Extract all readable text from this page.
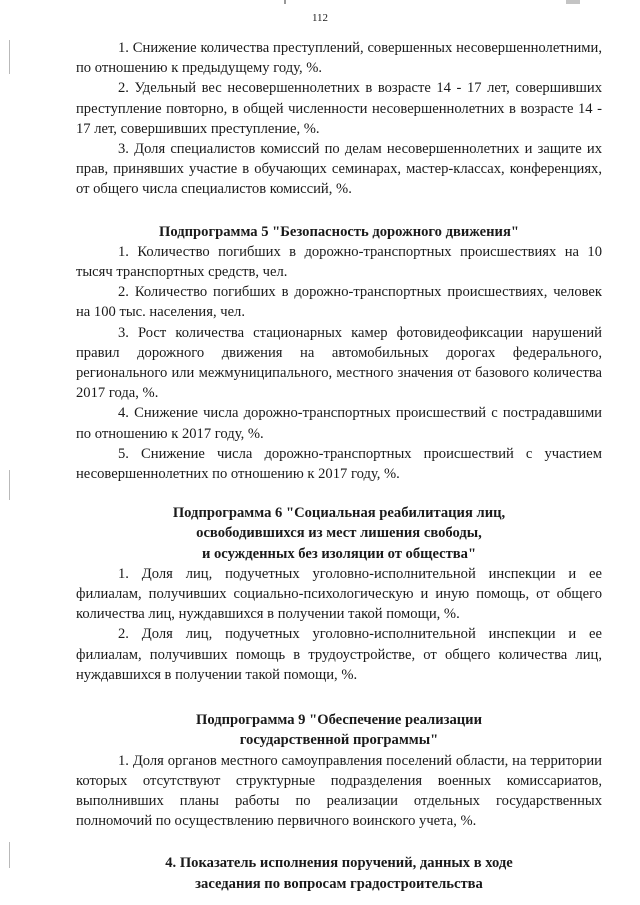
112

1. Снижение количества преступлений, совершенных несовершеннолетними, по отношению к предыдущему году, %.

2. Удельный вес несовершеннолетних в возрасте 14 - 17 лет, совершивших преступление повторно, в общей численности несовершеннолетних в возрасте 14 - 17 лет, совершивших преступление, %.

3. Доля специалистов комиссий по делам несовершеннолетних и защите их прав, принявших участие в обучающих семинарах, мастер-классах, конференциях, от общего числа специалистов комиссий, %.

Подпрограмма 5 "Безопасность дорожного движения"

1. Количество погибших в дорожно-транспортных происшествиях на 10 тысяч транспортных средств, чел.

2. Количество погибших в дорожно-транспортных происшествиях, человек на 100 тыс. населения, чел.

3. Рост количества стационарных камер фотовидеофиксации нарушений правил дорожного движения на автомобильных дорогах федерального, регионального или межмуниципального, местного значения от базового количества 2017 года, %.

4. Снижение числа дорожно-транспортных происшествий с пострадавшими по отношению к 2017 году, %.

5. Снижение числа дорожно-транспортных происшествий с участием несовершеннолетних по отношению к 2017 году, %.

Подпрограмма 6 "Социальная реабилитация лиц,
освободившихся из мест лишения свободы,
и осужденных без изоляции от общества"

1. Доля лиц, подучетных уголовно-исполнительной инспекции и ее филиалам, получивших социально-психологическую и иную помощь, от общего количества лиц, нуждавшихся в получении такой помощи, %.

2. Доля лиц, подучетных уголовно-исполнительной инспекции и ее филиалам, получивших помощь в трудоустройстве, от общего количества лиц, нуждавшихся в получении такой помощи, %.

Подпрограмма 9 "Обеспечение реализации
государственной программы"

1. Доля органов местного самоуправления поселений области, на территории которых отсутствуют структурные подразделения военных комиссариатов, выполнивших планы работы по реализации отдельных государственных полномочий по осуществлению первичного воинского учета, %.

4. Показатель исполнения поручений, данных в ходе
заседания по вопросам градостроительства
